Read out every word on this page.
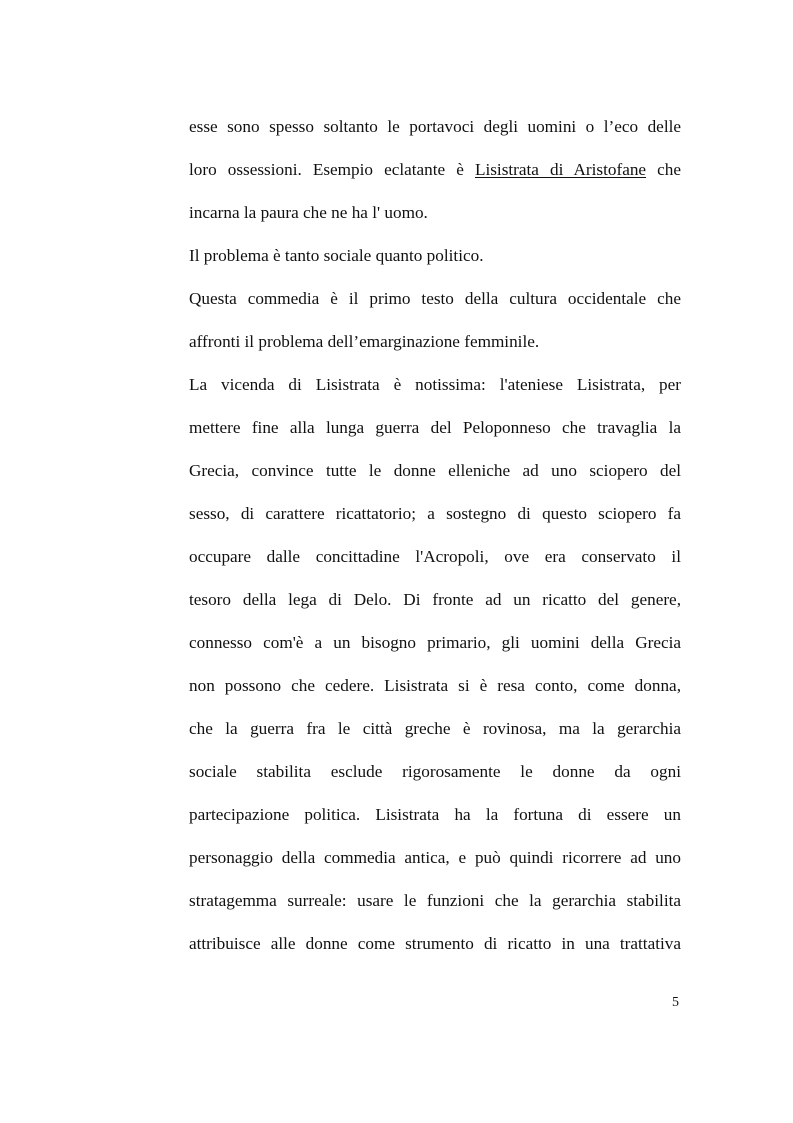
esse sono spesso soltanto le portavoci degli uomini o l’eco delle
loro ossessioni. Esempio eclatante è Lisistrata di Aristofane che
incarna la paura che ne ha l' uomo.
Il problema è tanto sociale quanto politico.
Questa commedia è il primo testo della cultura occidentale che
affronti il problema dell’emarginazione femminile.
La vicenda di Lisistrata è notissima: l'ateniese Lisistrata, per
mettere fine alla lunga guerra del Peloponneso che travaglia la
Grecia, convince tutte le donne elleniche ad uno sciopero del
sesso, di carattere ricattatorio; a sostegno di questo sciopero fa
occupare dalle concittadine l'Acropoli, ove era conservato il
tesoro della lega di Delo. Di fronte ad un ricatto del genere,
connesso com'è a un bisogno primario, gli uomini della Grecia
non possono che cedere. Lisistrata si è resa conto, come donna,
che la guerra fra le città greche è rovinosa, ma la gerarchia
sociale stabilita esclude rigorosamente le donne da ogni
partecipazione politica. Lisistrata ha la fortuna di essere un
personaggio della commedia antica, e può quindi ricorrere ad uno
stratagemma surreale: usare le funzioni che la gerarchia stabilita
attribuisce alle donne come strumento di ricatto in una trattativa
5
